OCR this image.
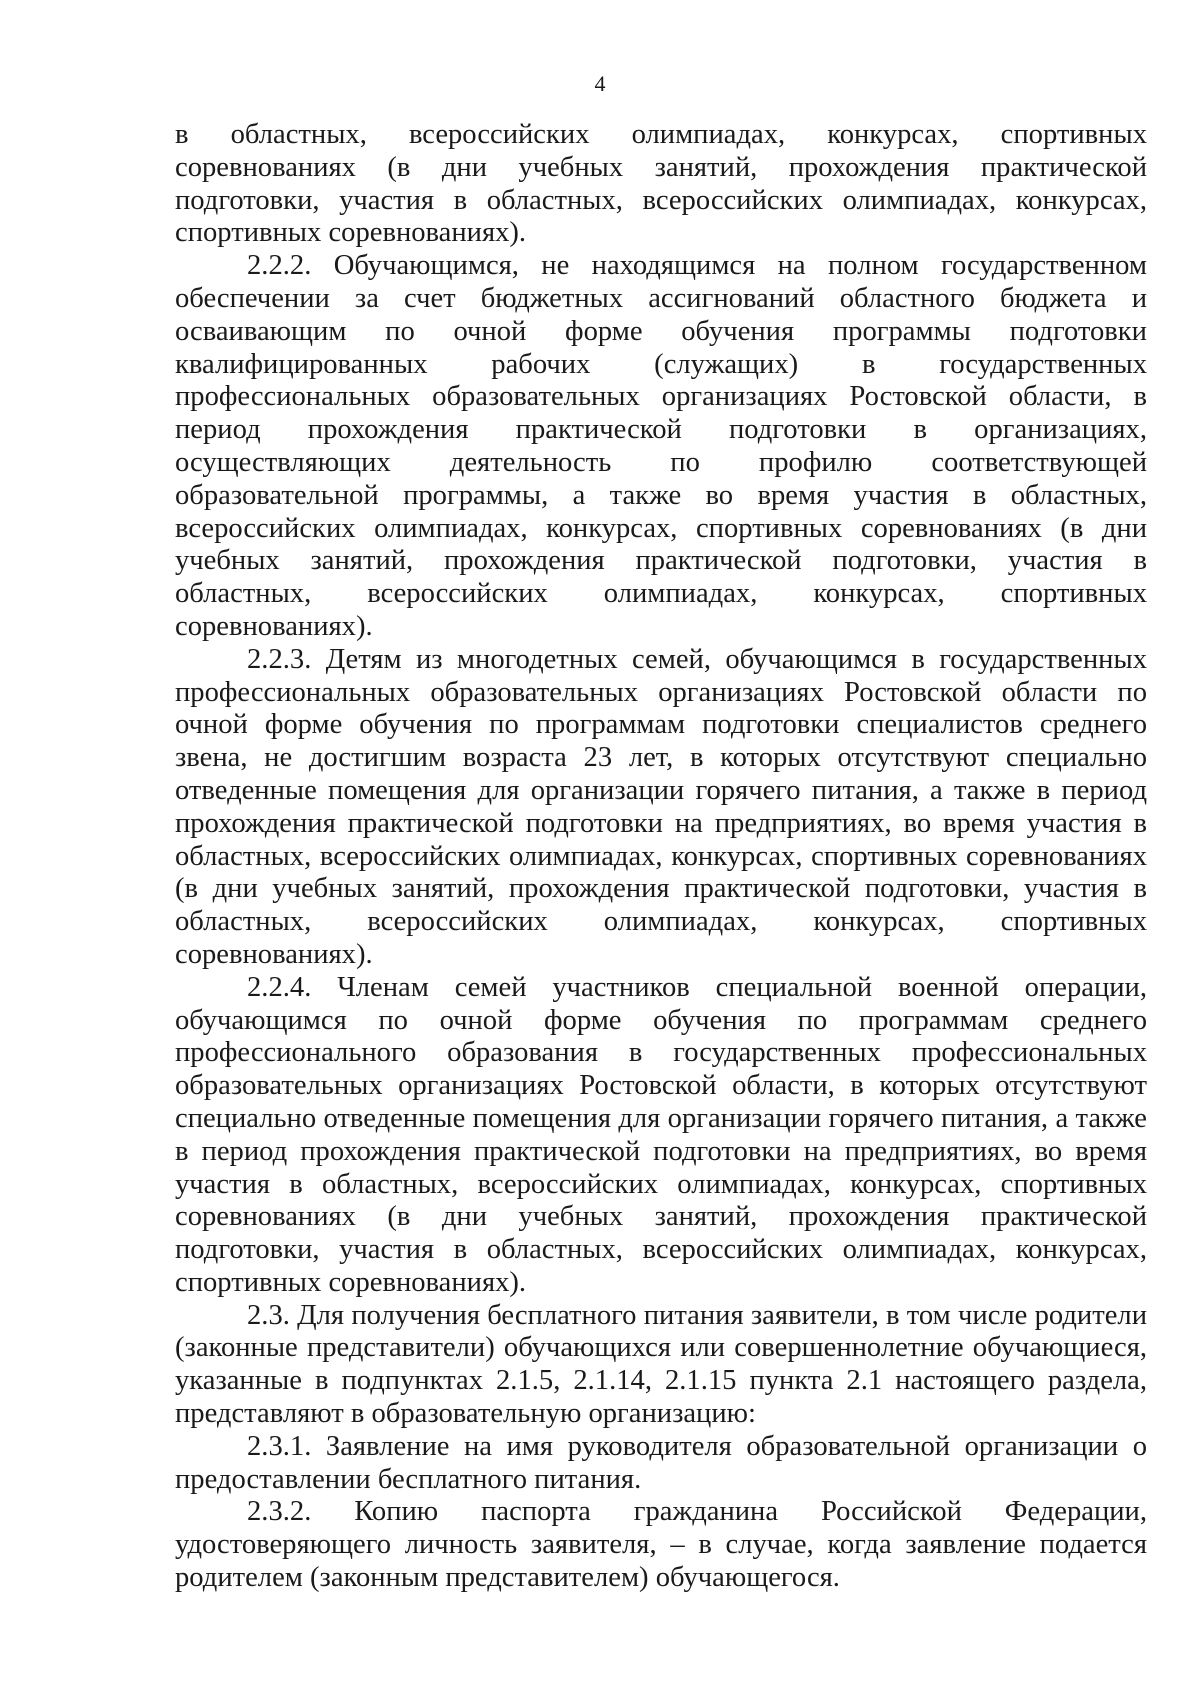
4

в областных, всероссийских олимпиадах, конкурсах, спортивных соревнованиях (в дни учебных занятий, прохождения практической подготовки, участия в областных, всероссийских олимпиадах, конкурсах, спортивных соревнованиях).

2.2.2. Обучающимся, не находящимся на полном государственном обеспечении за счет бюджетных ассигнований областного бюджета и осваивающим по очной форме обучения программы подготовки квалифицированных рабочих (служащих) в государственных профессиональных образовательных организациях Ростовской области, в период прохождения практической подготовки в организациях, осуществляющих деятельность по профилю соответствующей образовательной программы, а также во время участия в областных, всероссийских олимпиадах, конкурсах, спортивных соревнованиях (в дни учебных занятий, прохождения практической подготовки, участия в областных, всероссийских олимпиадах, конкурсах, спортивных соревнованиях).

2.2.3. Детям из многодетных семей, обучающимся в государственных профессиональных образовательных организациях Ростовской области по очной форме обучения по программам подготовки специалистов среднего звена, не достигшим возраста 23 лет, в которых отсутствуют специально отведенные помещения для организации горячего питания, а также в период прохождения практической подготовки на предприятиях, во время участия в областных, всероссийских олимпиадах, конкурсах, спортивных соревнованиях (в дни учебных занятий, прохождения практической подготовки, участия в областных, всероссийских олимпиадах, конкурсах, спортивных соревнованиях).

2.2.4. Членам семей участников специальной военной операции, обучающимся по очной форме обучения по программам среднего профессионального образования в государственных профессиональных образовательных организациях Ростовской области, в которых отсутствуют специально отведенные помещения для организации горячего питания, а также в период прохождения практической подготовки на предприятиях, во время участия в областных, всероссийских олимпиадах, конкурсах, спортивных соревнованиях (в дни учебных занятий, прохождения практической подготовки, участия в областных, всероссийских олимпиадах, конкурсах, спортивных соревнованиях).

2.3. Для получения бесплатного питания заявители, в том числе родители (законные представители) обучающихся или совершеннолетние обучающиеся, указанные в подпунктах 2.1.5, 2.1.14, 2.1.15 пункта 2.1 настоящего раздела, представляют в образовательную организацию:

2.3.1. Заявление на имя руководителя образовательной организации о предоставлении бесплатного питания.

2.3.2. Копию паспорта гражданина Российской Федерации, удостоверяющего личность заявителя, – в случае, когда заявление подается родителем (законным представителем) обучающегося.
